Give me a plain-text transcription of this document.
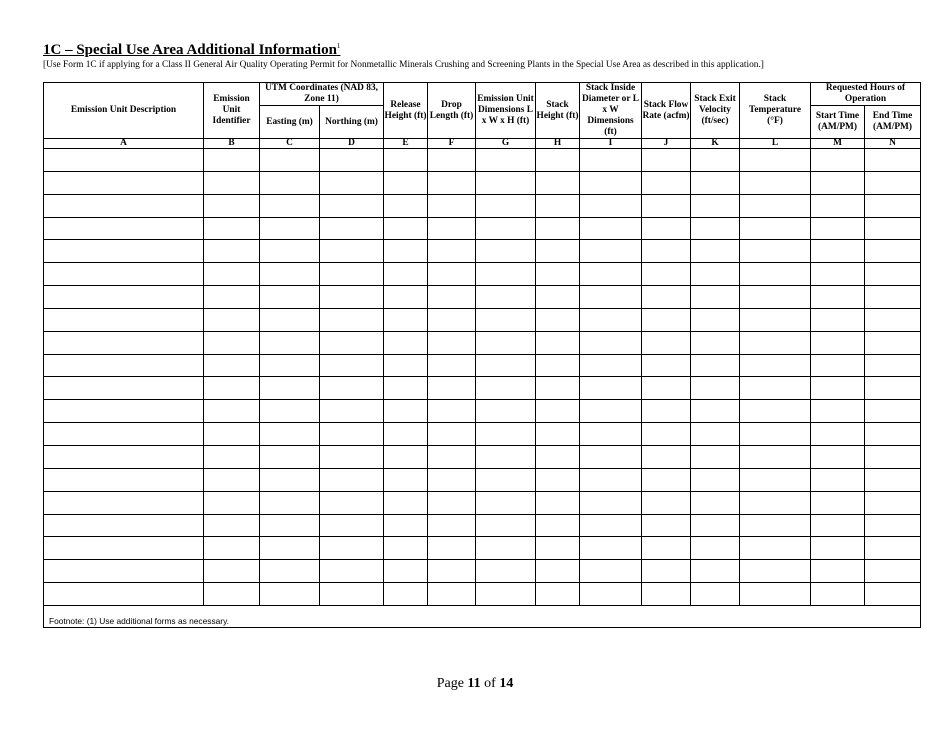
1C – Special Use Area Additional Information$^1$
[Use Form 1C if applying for a Class II General Air Quality Operating Permit for Nonmetallic Minerals Crushing and Screening Plants in the Special Use Area as described in this application.]
Emission Unit Description	Emission Unit Identifier	UTM Coordinates (NAD 83, Zone 11)		Release Height (ft)	Drop Length (ft)	Emission Unit Dimensions L x W x H (ft)	Stack Height (ft)	Stack Inside Diameter or L x W Dimensions (ft)	Stack Flow Rate (acfm)	Stack Exit Velocity (ft/sec)	Stack Temperature (°F)	Requested Hours of Operation	
		Easting (m)	Northing (m)									Start Time (AM/PM)	End Time (AM/PM)
A	B	C	D	E	F	G	H	I	J	K	L	M	N

Footnote: (1) Use additional forms as necessary.													
Page 11 of 14
